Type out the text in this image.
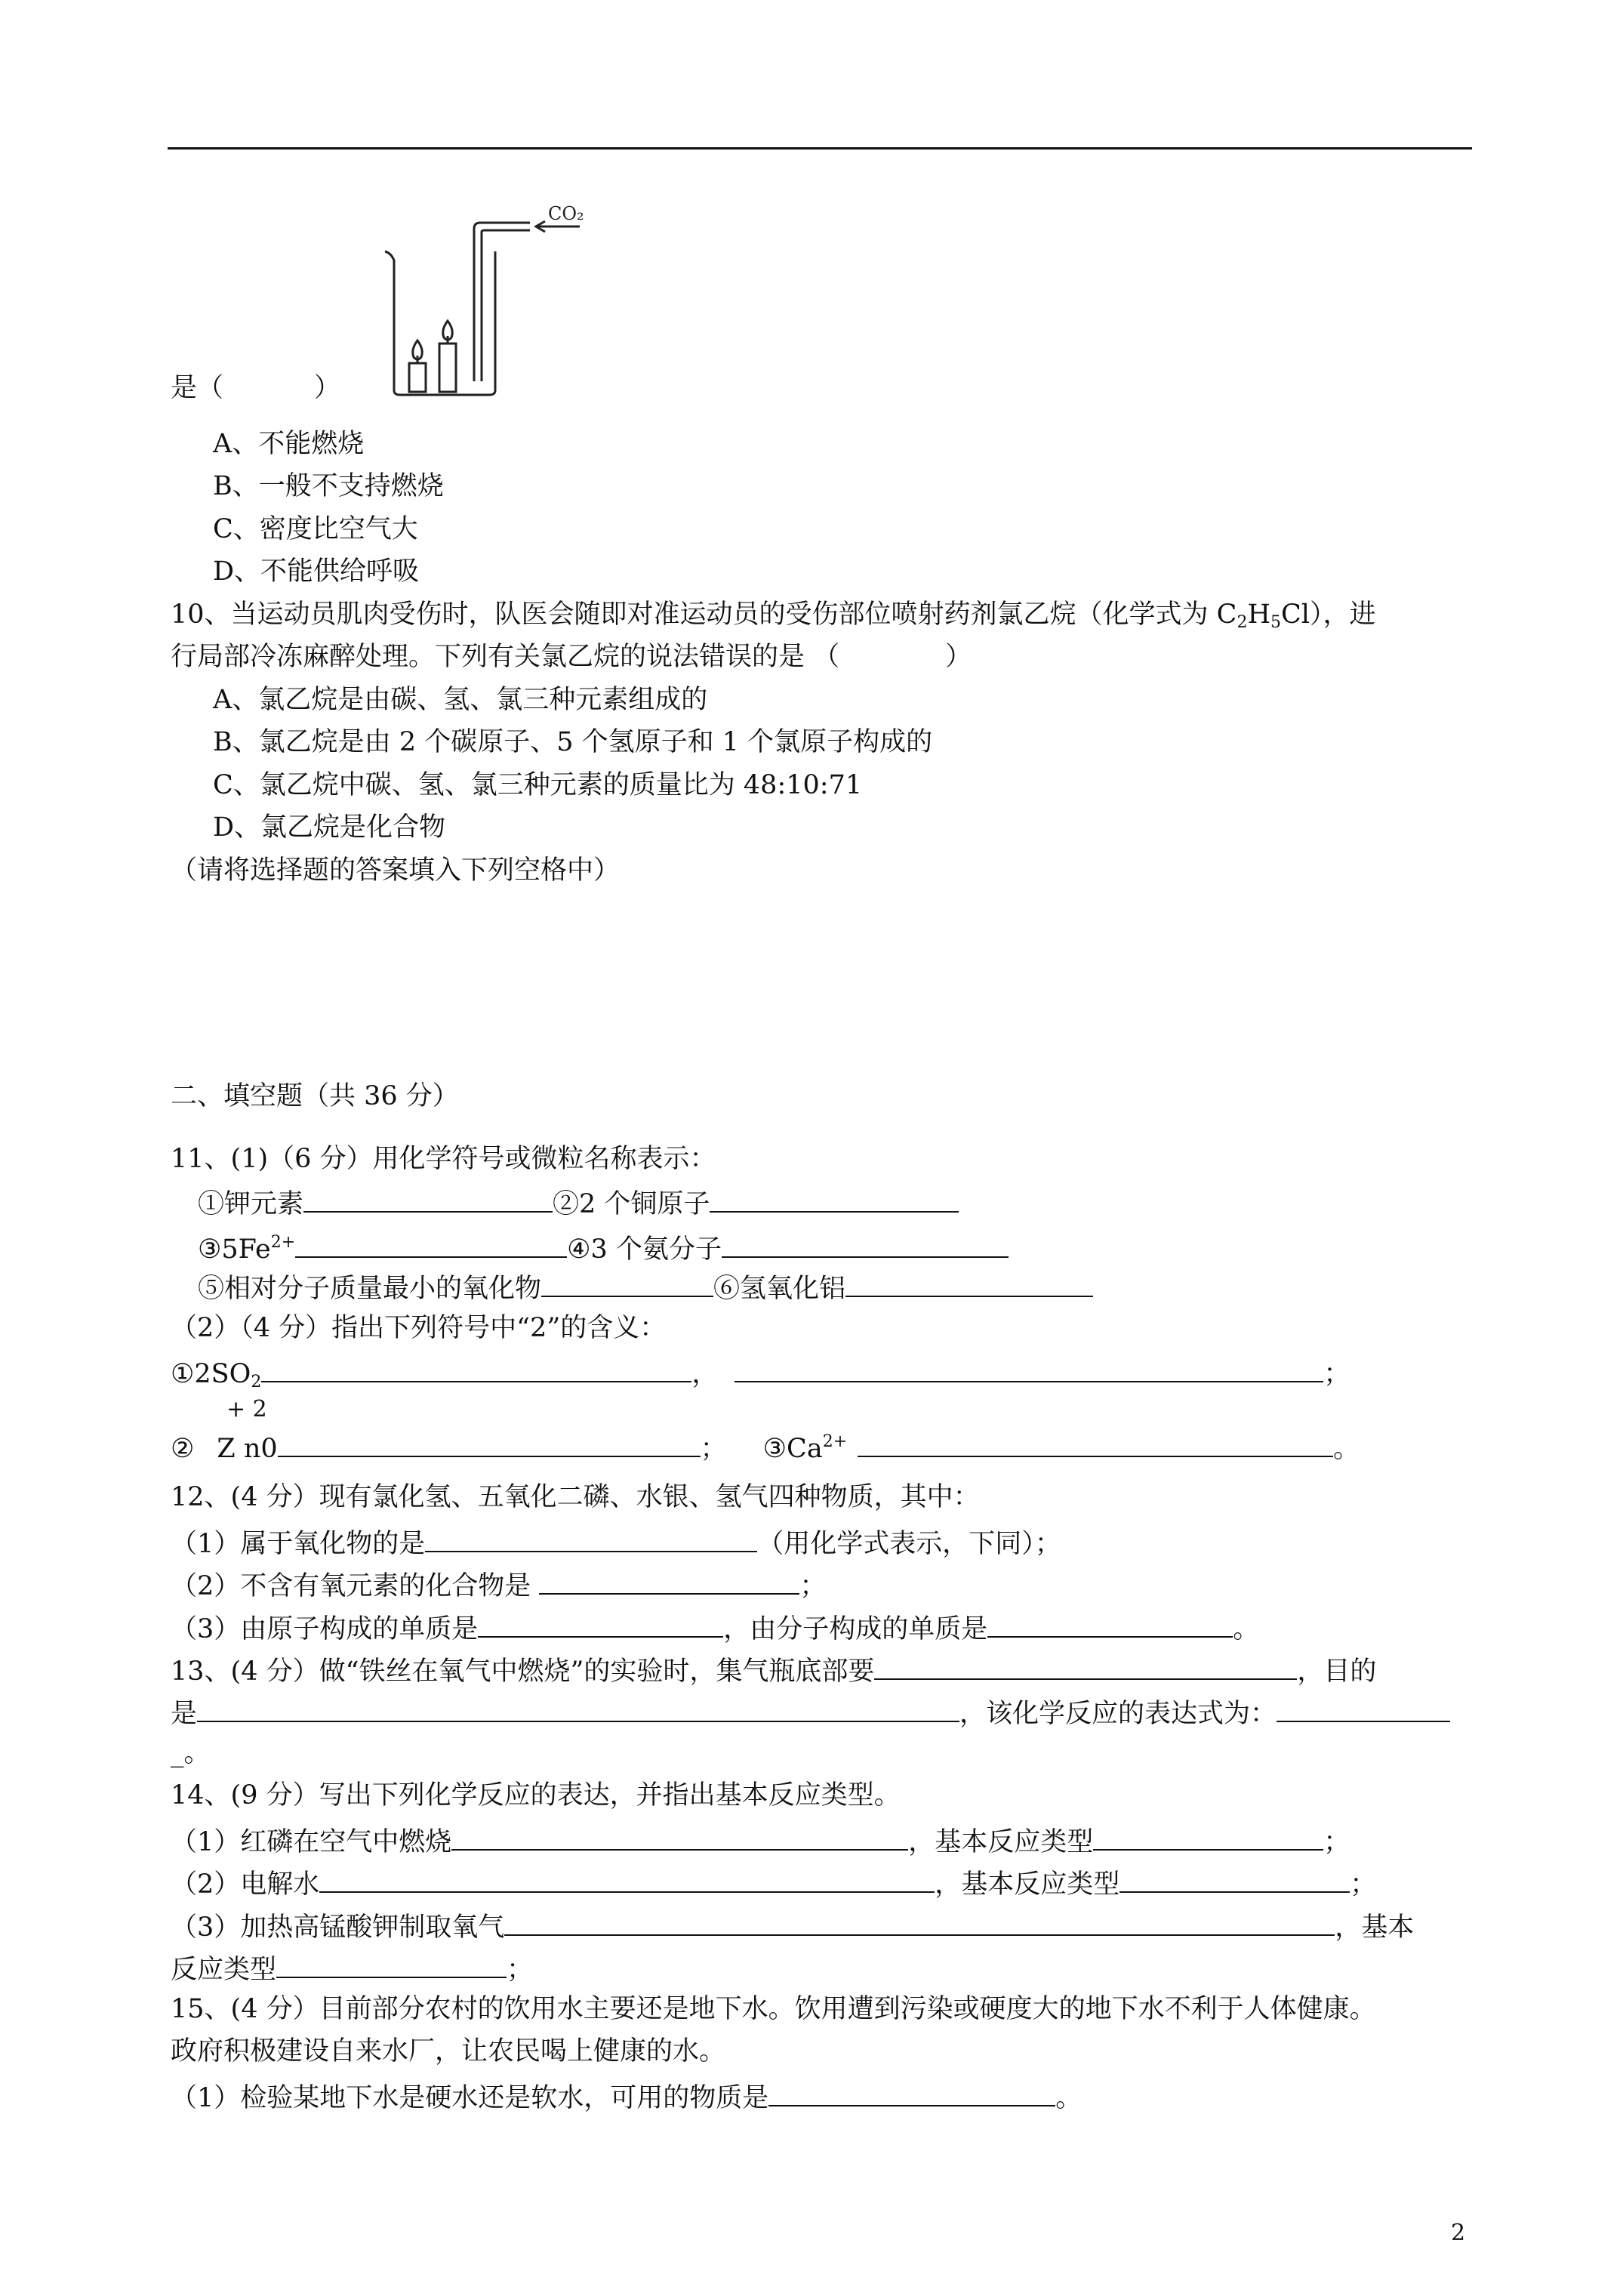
CO₂
是（	）
A、不能燃烧
B、一般不支持燃烧
C、密度比空气大
D、不能供给呼吸
10、当运动员肌肉受伤时，队医会随即对准运动员的受伤部位喷射药剂氯乙烷（化学式为 $C_2H_5Cl$），进
行局部冷冻麻醉处理。下列有关氯乙烷的说法错误的是 （　　　　）
A、氯乙烷是由碳、氢、氯三种元素组成的
B、氯乙烷是由 2 个碳原子、5 个氢原子和 1 个氯原子构成的
C、氯乙烷中碳、氢、氯三种元素的质量比为 48:10:71
D、氯乙烷是化合物
（请将选择题的答案填入下列空格中）
二、填空题（共 36 分）
11、(1)（6 分）用化学符号或微粒名称表示：
①钾元素	②2 个铜原子
$③5Fe^{2+}$	④3 个氨分子
⑤相对分子质量最小的氧化物	⑥氢氧化铝
（2）（4 分）指出下列符号中“2”的含义：
$①2SO_2$	，	；
+ 2
② Z n0	； $③Ca^{2+}$	。
12、(4 分）现有氯化氢、五氧化二磷、水银、氢气四种物质，其中：
（1）属于氧化物的是	（用化学式表示，下同）；
（2）不含有氧元素的化合物是	；
（3）由原子构成的单质是	，由分子构成的单质是	。
13、(4 分）做“铁丝在氧气中燃烧”的实验时，集气瓶底部要	，目的
是	，该化学反应的表达式为：
_。
14、(9 分）写出下列化学反应的表达，并指出基本反应类型。
（1）红磷在空气中燃烧	，基本反应类型	；
（2）电解水	，基本反应类型	；
（3）加热高锰酸钾制取氧气	，基本
反应类型	；
15、(4 分）目前部分农村的饮用水主要还是地下水。饮用遭到污染或硬度大的地下水不利于人体健康。
政府积极建设自来水厂，让农民喝上健康的水。
（1）检验某地下水是硬水还是软水，可用的物质是	。
2
